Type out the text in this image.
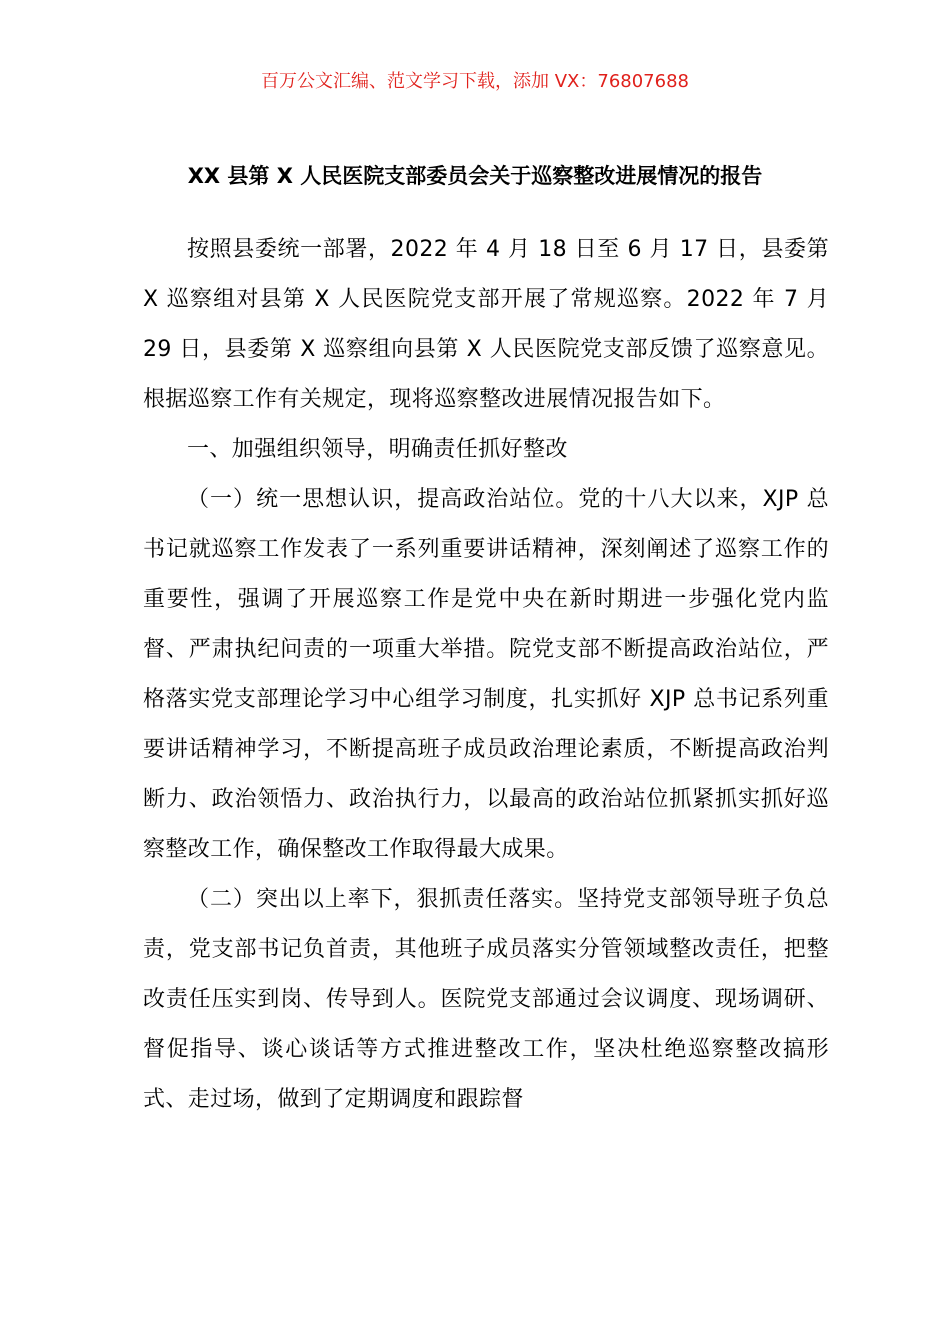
百万公文汇编、范文学习下载，添加 VX：76807688
XX 县第 X 人民医院支部委员会关于巡察整改进展情况的报告

按照县委统一部署，2022 年 4 月 18 日至 6 月 17 日，县委第 X 巡察组对县第 X 人民医院党支部开展了常规巡察。2022 年 7 月 29 日，县委第 X 巡察组向县第 X 人民医院党支部反馈了巡察意见。根据巡察工作有关规定，现将巡察整改进展情况报告如下。

一、加强组织领导，明确责任抓好整改

（一）统一思想认识，提高政治站位。党的十八大以来，XJP 总书记就巡察工作发表了一系列重要讲话精神，深刻阐述了巡察工作的重要性，强调了开展巡察工作是党中央在新时期进一步强化党内监督、严肃执纪问责的一项重大举措。院党支部不断提高政治站位，严格落实党支部理论学习中心组学习制度，扎实抓好 XJP 总书记系列重要讲话精神学习，不断提高班子成员政治理论素质，不断提高政治判断力、政治领悟力、政治执行力，以最高的政治站位抓紧抓实抓好巡察整改工作，确保整改工作取得最大成果。

（二）突出以上率下，狠抓责任落实。坚持党支部领导班子负总责，党支部书记负首责，其他班子成员落实分管领域整改责任，把整改责任压实到岗、传导到人。医院党支部通过会议调度、现场调研、督促指导、谈心谈话等方式推进整改工作，坚决杜绝巡察整改搞形式、走过场，做到了定期调度和跟踪督
